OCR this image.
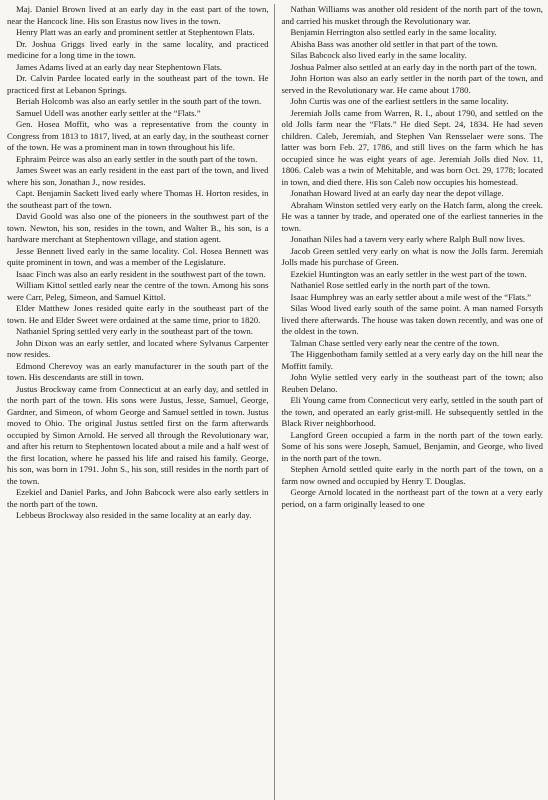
Maj. Daniel Brown lived at an early day in the east part of the town, near the Hancock line. His son Erastus now lives in the town.

Henry Platt was an early and prominent settler at Stephentown Flats.

Dr. Joshua Griggs lived early in the same locality, and practiced medicine for a long time in the town.

James Adams lived at an early day near Stephentown Flats.

Dr. Calvin Pardee located early in the southeast part of the town. He practiced first at Lebanon Springs.

Beriah Holcomb was also an early settler in the south part of the town.

Samuel Udell was another early settler at the “Flats.”

Gen. Hosea Moffit, who was a representative from the county in Congress from 1813 to 1817, lived, at an early day, in the southeast corner of the town. He was a prominent man in town throughout his life.

Ephraim Peirce was also an early settler in the south part of the town.

James Sweet was an early resident in the east part of the town, and lived where his son, Jonathan J., now resides.

Capt. Benjamin Sackett lived early where Thomas H. Horton resides, in the southeast part of the town.

David Goold was also one of the pioneers in the southwest part of the town. Newton, his son, resides in the town, and Walter B., his son, is a hardware merchant at Stephentown village, and station agent.

Jesse Bennett lived early in the same locality. Col. Hosea Bennett was quite prominent in town, and was a member of the Legislature.

Isaac Finch was also an early resident in the southwest part of the town.

William Kittol settled early near the centre of the town. Among his sons were Carr, Peleg, Simeon, and Samuel Kittol.

Elder Matthew Jones resided quite early in the southeast part of the town. He and Elder Sweet were ordained at the same time, prior to 1820.

Nathaniel Spring settled very early in the southeast part of the town.

John Dixon was an early settler, and located where Sylvanus Carpenter now resides.

Edmond Cherevoy was an early manufacturer in the south part of the town. His descendants are still in town.

Justus Brockway came from Connecticut at an early day, and settled in the north part of the town. His sons were Justus, Jesse, Samuel, George, Gardner, and Simeon, of whom George and Samuel settled in town. Justus moved to Ohio. The original Justus settled first on the farm afterwards occupied by Simon Arnold. He served all through the Revolutionary war, and after his return to Stephentown located about a mile and a half west of the first location, where he passed his life and raised his family. George, his son, was born in 1791. John S., his son, still resides in the north part of the town.

Ezekiel and Daniel Parks, and John Babcock were also early settlers in the north part of the town.

Lebbeus Brockway also resided in the same locality at an early day.

Nathan Williams was another old resident of the north part of the town, and carried his musket through the Revolutionary war.

Benjamin Herrington also settled early in the same locality.

Abisha Bass was another old settler in that part of the town.

Silas Babcock also lived early in the same locality.

Joshua Palmer also settled at an early day in the north part of the town.

John Horton was also an early settler in the north part of the town, and served in the Revolutionary war. He came about 1780.

John Curtis was one of the earliest settlers in the same locality.

Jeremiah Jolls came from Warren, R. I., about 1790, and settled on the old Jolls farm near the “Flats.” He died Sept. 24, 1834. He had seven children. Caleb, Jeremiah, and Stephen Van Rensselaer were sons. The latter was born Feb. 27, 1786, and still lives on the farm which he has occupied since he was eight years of age. Jeremiah Jolls died Nov. 11, 1806. Caleb was a twin of Mehitable, and was born Oct. 29, 1778; located in town, and died there. His son Caleb now occupies his homestead.

Jonathan Howard lived at an early day near the depot village.

Abraham Winston settled very early on the Hatch farm, along the creek. He was a tanner by trade, and operated one of the earliest tanneries in the town.

Jonathan Niles had a tavern very early where Ralph Bull now lives.

Jacob Green settled very early on what is now the Jolls farm. Jeremiah Jolls made his purchase of Green.

Ezekiel Huntington was an early settler in the west part of the town.

Nathaniel Rose settled early in the north part of the town.

Isaac Humphrey was an early settler about a mile west of the “Flats.”

Silas Wood lived early south of the same point. A man named Forsyth lived there afterwards. The house was taken down recently, and was one of the oldest in the town.

Talman Chase settled very early near the centre of the town.

The Higgenbotham family settled at a very early day on the hill near the Moffitt family.

John Wylie settled very early in the southeast part of the town; also Reuben Delano.

Eli Young came from Connecticut very early, settled in the south part of the town, and operated an early grist-mill. He subsequently settled in the Black River neighborhood.

Langford Green occupied a farm in the north part of the town early. Some of his sons were Joseph, Samuel, Benjamin, and George, who lived in the north part of the town.

Stephen Arnold settled quite early in the north part of the town, on a farm now owned and occupied by Henry T. Douglas.

George Arnold located in the northeast part of the town at a very early period, on a farm originally leased to one
